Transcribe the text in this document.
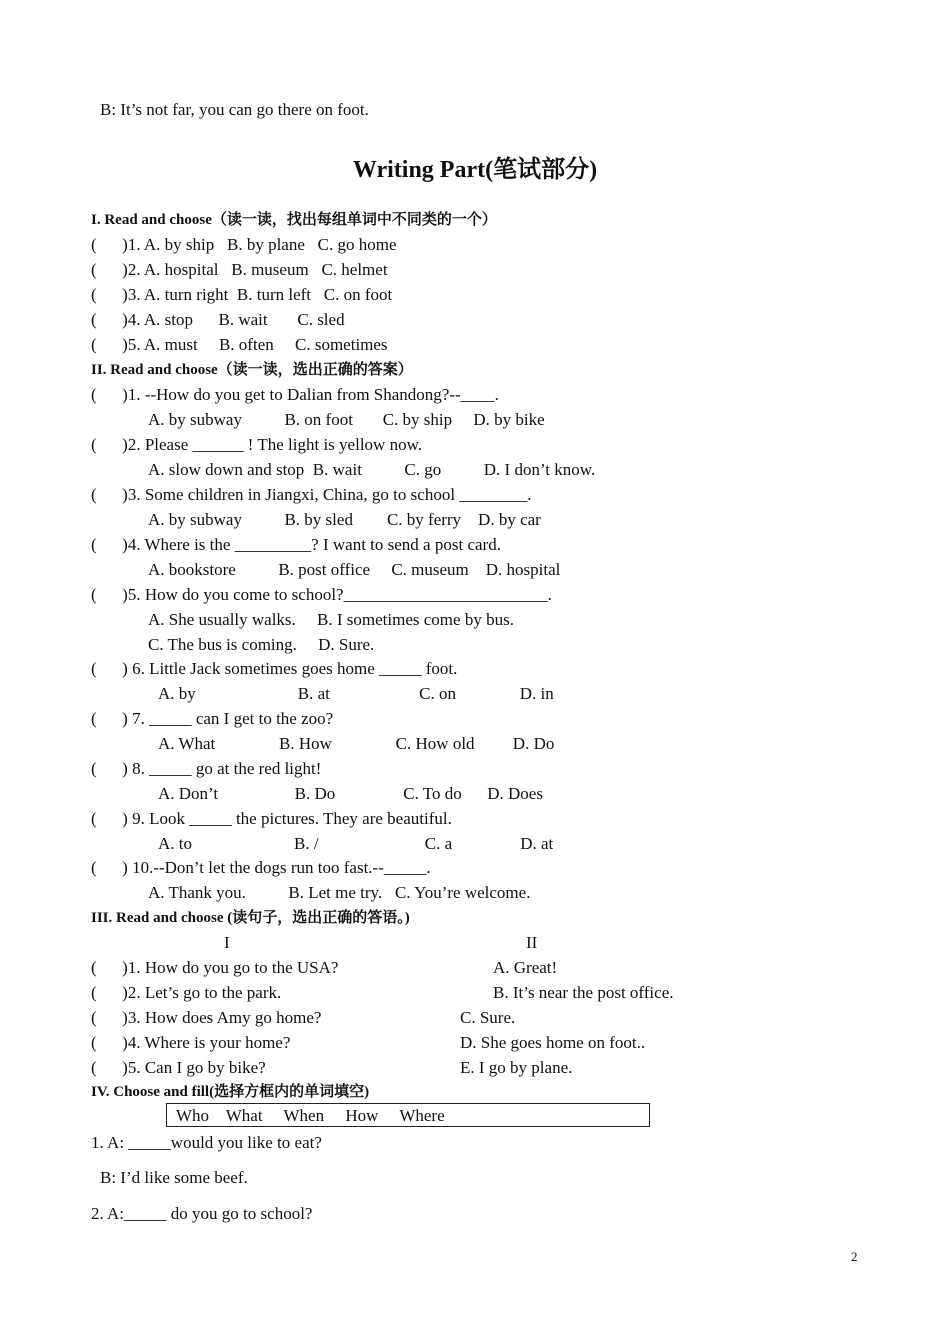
Writing Part(笔试部分)
I. Read and choose（读一读，找出每组单词中不同类的一个）
II. Read and choose（读一读，选出正确的答案）
III. Read and choose (读句子，选出正确的答语。)
IV. Choose and fill(选择方框内的单词填空)
Who    What     When     How     Where
B: It’s not far, you can go there on foot.
(      )1. A. by ship   B. by plane   C. go home
(      )2. A. hospital   B. museum   C. helmet
(      )3. A. turn right  B. turn left   C. on foot
(      )4. A. stop      B. wait       C. sled
(      )5. A. must     B. often     C. sometimes
(      )1. --How do you get to Dalian from Shandong?--____.
A. by subway          B. on foot       C. by ship     D. by bike
(      )2. Please ______ ! The light is yellow now.
A. slow down and stop  B. wait          C. go          D. I don’t know.
(      )3. Some children in Jiangxi, China, go to school ________.
A. by subway          B. by sled        C. by ferry    D. by car
(      )4. Where is the _________? I want to send a post card.
A. bookstore          B. post office     C. museum    D. hospital
(      )5. How do you come to school?________________________.
A. She usually walks.     B. I sometimes come by bus.
C. The bus is coming.     D. Sure.
(      ) 6. Little Jack sometimes goes home _____ foot.
A. by                        B. at                     C. on               D. in
(      ) 7. _____ can I get to the zoo?
A. What               B. How               C. How old         D. Do
(      ) 8. _____ go at the red light!
A. Don’t                  B. Do                C. To do      D. Does
(      ) 9. Look _____ the pictures. They are beautiful.
A. to                        B. /                         C. a                D. at
(      ) 10.--Don’t let the dogs run too fast.--_____.
A. Thank you.          B. Let me try.   C. You’re welcome.
I	II
(      )1. How do you go to the USA?	A. Great!
(      )2. Let’s go to the park.	B. It’s near the post office.
(      )3. How does Amy go home?	C. Sure.
(      )4. Where is your home?	D. She goes home on foot..
(      )5. Can I go by bike?	E. I go by plane.
1. A: _____would you like to eat?
B: I’d like some beef.
2. A:_____ do you go to school?
2
